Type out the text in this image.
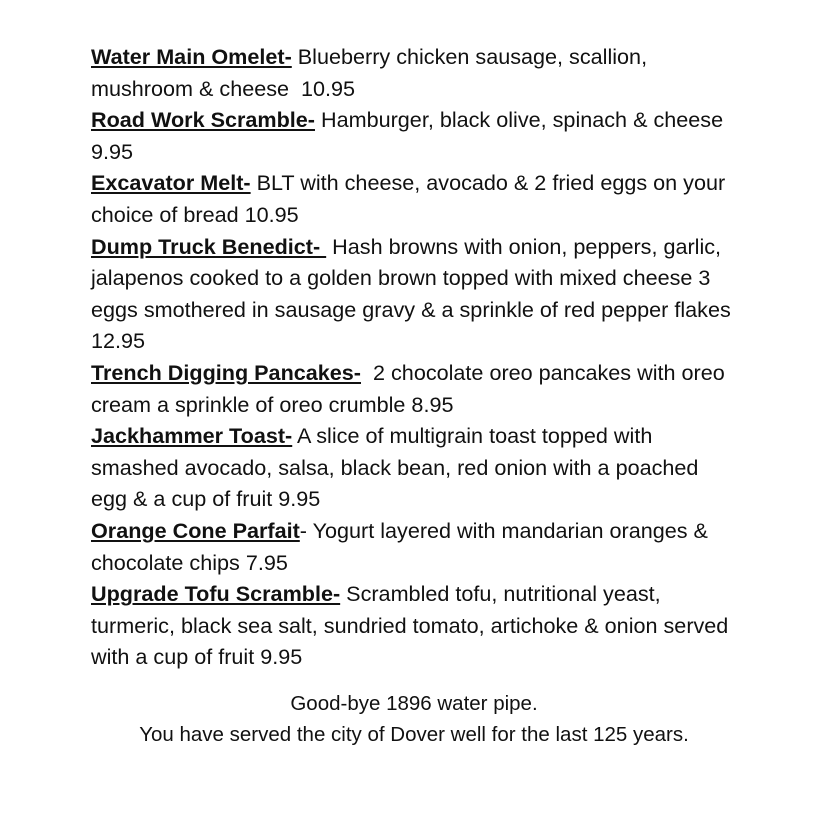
Water Main Omelet- Blueberry chicken sausage, scallion, mushroom & cheese  10.95

Road Work Scramble- Hamburger, black olive, spinach & cheese 9.95

Excavator Melt- BLT with cheese, avocado & 2 fried eggs on your choice of bread 10.95

Dump Truck Benedict-  Hash browns with onion, peppers, garlic, jalapenos cooked to a golden brown topped with mixed cheese 3 eggs smothered in sausage gravy & a sprinkle of red pepper flakes 12.95

Trench Digging Pancakes-  2 chocolate oreo pancakes with oreo cream a sprinkle of oreo crumble 8.95

Jackhammer Toast- A slice of multigrain toast topped with smashed avocado, salsa, black bean, red onion with a poached egg & a cup of fruit 9.95

Orange Cone Parfait- Yogurt layered with mandarian oranges & chocolate chips 7.95

Upgrade Tofu Scramble- Scrambled tofu, nutritional yeast, turmeric, black sea salt, sundried tomato, artichoke & onion served with a cup of fruit 9.95

Good-bye 1896 water pipe.
You have served the city of Dover well for the last 125 years.
